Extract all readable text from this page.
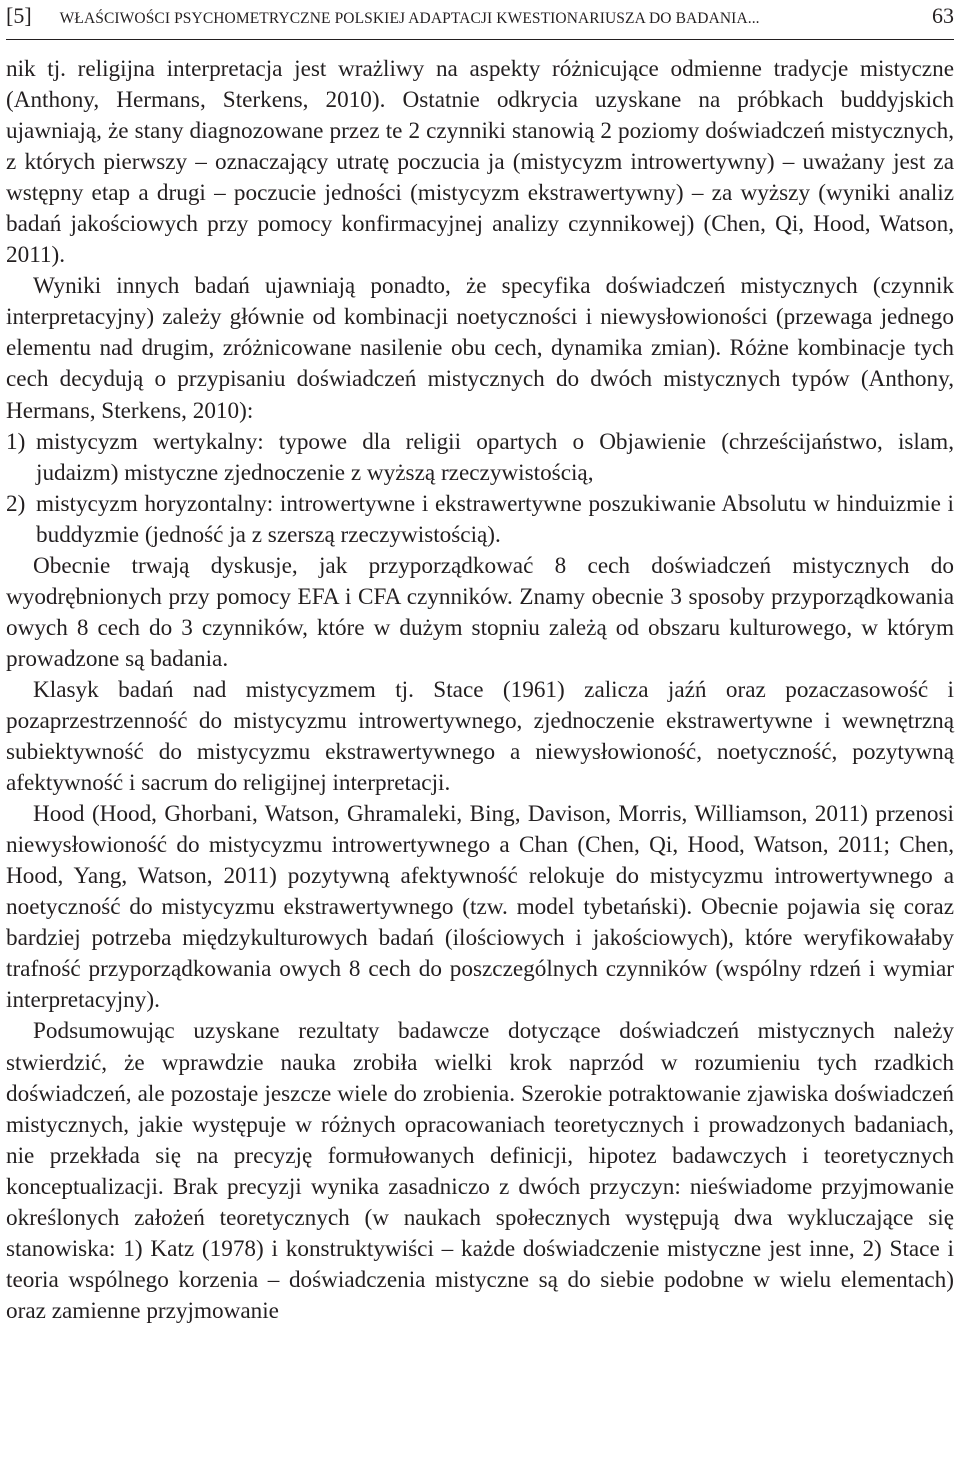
[5] WŁAŚCIWOŚCI PSYCHOMETRYCZNE POLSKIEJ ADAPTACJI KWESTIONARIUSZA DO BADANIA...	63

nik tj. religijna interpretacja jest wrażliwy na aspekty różnicujące odmienne tradycje mistyczne (Anthony, Hermans, Sterkens, 2010). Ostatnie odkrycia uzyskane na próbkach buddyjskich ujawniają, że stany diagnozowane przez te 2 czynniki stanowią 2 poziomy doświadczeń mistycznych, z których pierwszy – oznaczający utratę poczucia ja (mistycyzm introwertywny) – uważany jest za wstępny etap a drugi – poczucie jedności (mistycyzm ekstrawertywny) – za wyższy (wyniki analiz badań jakościowych przy pomocy konfirmacyjnej analizy czynnikowej) (Chen, Qi, Hood, Watson, 2011).

Wyniki innych badań ujawniają ponadto, że specyfika doświadczeń mistycznych (czynnik interpretacyjny) zależy głównie od kombinacji noetyczności i niewysłowioności (przewaga jednego elementu nad drugim, zróżnicowane nasilenie obu cech, dynamika zmian). Różne kombinacje tych cech decydują o przypisaniu doświadczeń mistycznych do dwóch mistycznych typów (Anthony, Hermans, Sterkens, 2010):

1) mistycyzm wertykalny: typowe dla religii opartych o Objawienie (chrześcijaństwo, islam, judaizm) mistyczne zjednoczenie z wyższą rzeczywistością,
2) mistycyzm horyzontalny: introwertywne i ekstrawertywne poszukiwanie Absolutu w hinduizmie i buddyzmie (jedność ja z szerszą rzeczywistością).

Obecnie trwają dyskusje, jak przyporządkować 8 cech doświadczeń mistycznych do wyodrębnionych przy pomocy EFA i CFA czynników. Znamy obecnie 3 sposoby przyporządkowania owych 8 cech do 3 czynników, które w dużym stopniu zależą od obszaru kulturowego, w którym prowadzone są badania.

Klasyk badań nad mistycyzmem tj. Stace (1961) zalicza jaźń oraz pozaczasowość i pozaprzestrzenność do mistycyzmu introwertywnego, zjednoczenie ekstrawertywne i wewnętrzną subiektywność do mistycyzmu ekstrawertywnego a niewysłowioność, noetyczność, pozytywną afektywność i sacrum do religijnej interpretacji.

Hood (Hood, Ghorbani, Watson, Ghramaleki, Bing, Davison, Morris, Williamson, 2011) przenosi niewysłowioność do mistycyzmu introwertywnego a Chan (Chen, Qi, Hood, Watson, 2011; Chen, Hood, Yang, Watson, 2011) pozytywną afektywność relokuje do mistycyzmu introwertywnego a noetyczność do mistycyzmu ekstrawertywnego (tzw. model tybetański). Obecnie pojawia się coraz bardziej potrzeba międzykulturowych badań (ilościowych i jakościowych), które weryfikowałaby trafność przyporządkowania owych 8 cech do poszczególnych czynników (wspólny rdzeń i wymiar interpretacyjny).

Podsumowując uzyskane rezultaty badawcze dotyczące doświadczeń mistycznych należy stwierdzić, że wprawdzie nauka zrobiła wielki krok naprzód w rozumieniu tych rzadkich doświadczeń, ale pozostaje jeszcze wiele do zrobienia. Szerokie potraktowanie zjawiska doświadczeń mistycznych, jakie występuje w różnych opracowaniach teoretycznych i prowadzonych badaniach, nie przekłada się na precyzję formułowanych definicji, hipotez badawczych i teoretycznych konceptualizacji. Brak precyzji wynika zasadniczo z dwóch przyczyn: nieświadome przyjmowanie określonych założeń teoretycznych (w naukach społecznych występują dwa wykluczające się stanowiska: 1) Katz (1978) i konstruktywiści – każde doświadczenie mistyczne jest inne, 2) Stace i teoria wspólnego korzenia – doświadczenia mistyczne są do siebie podobne w wielu elementach) oraz zamienne przyjmowanie
